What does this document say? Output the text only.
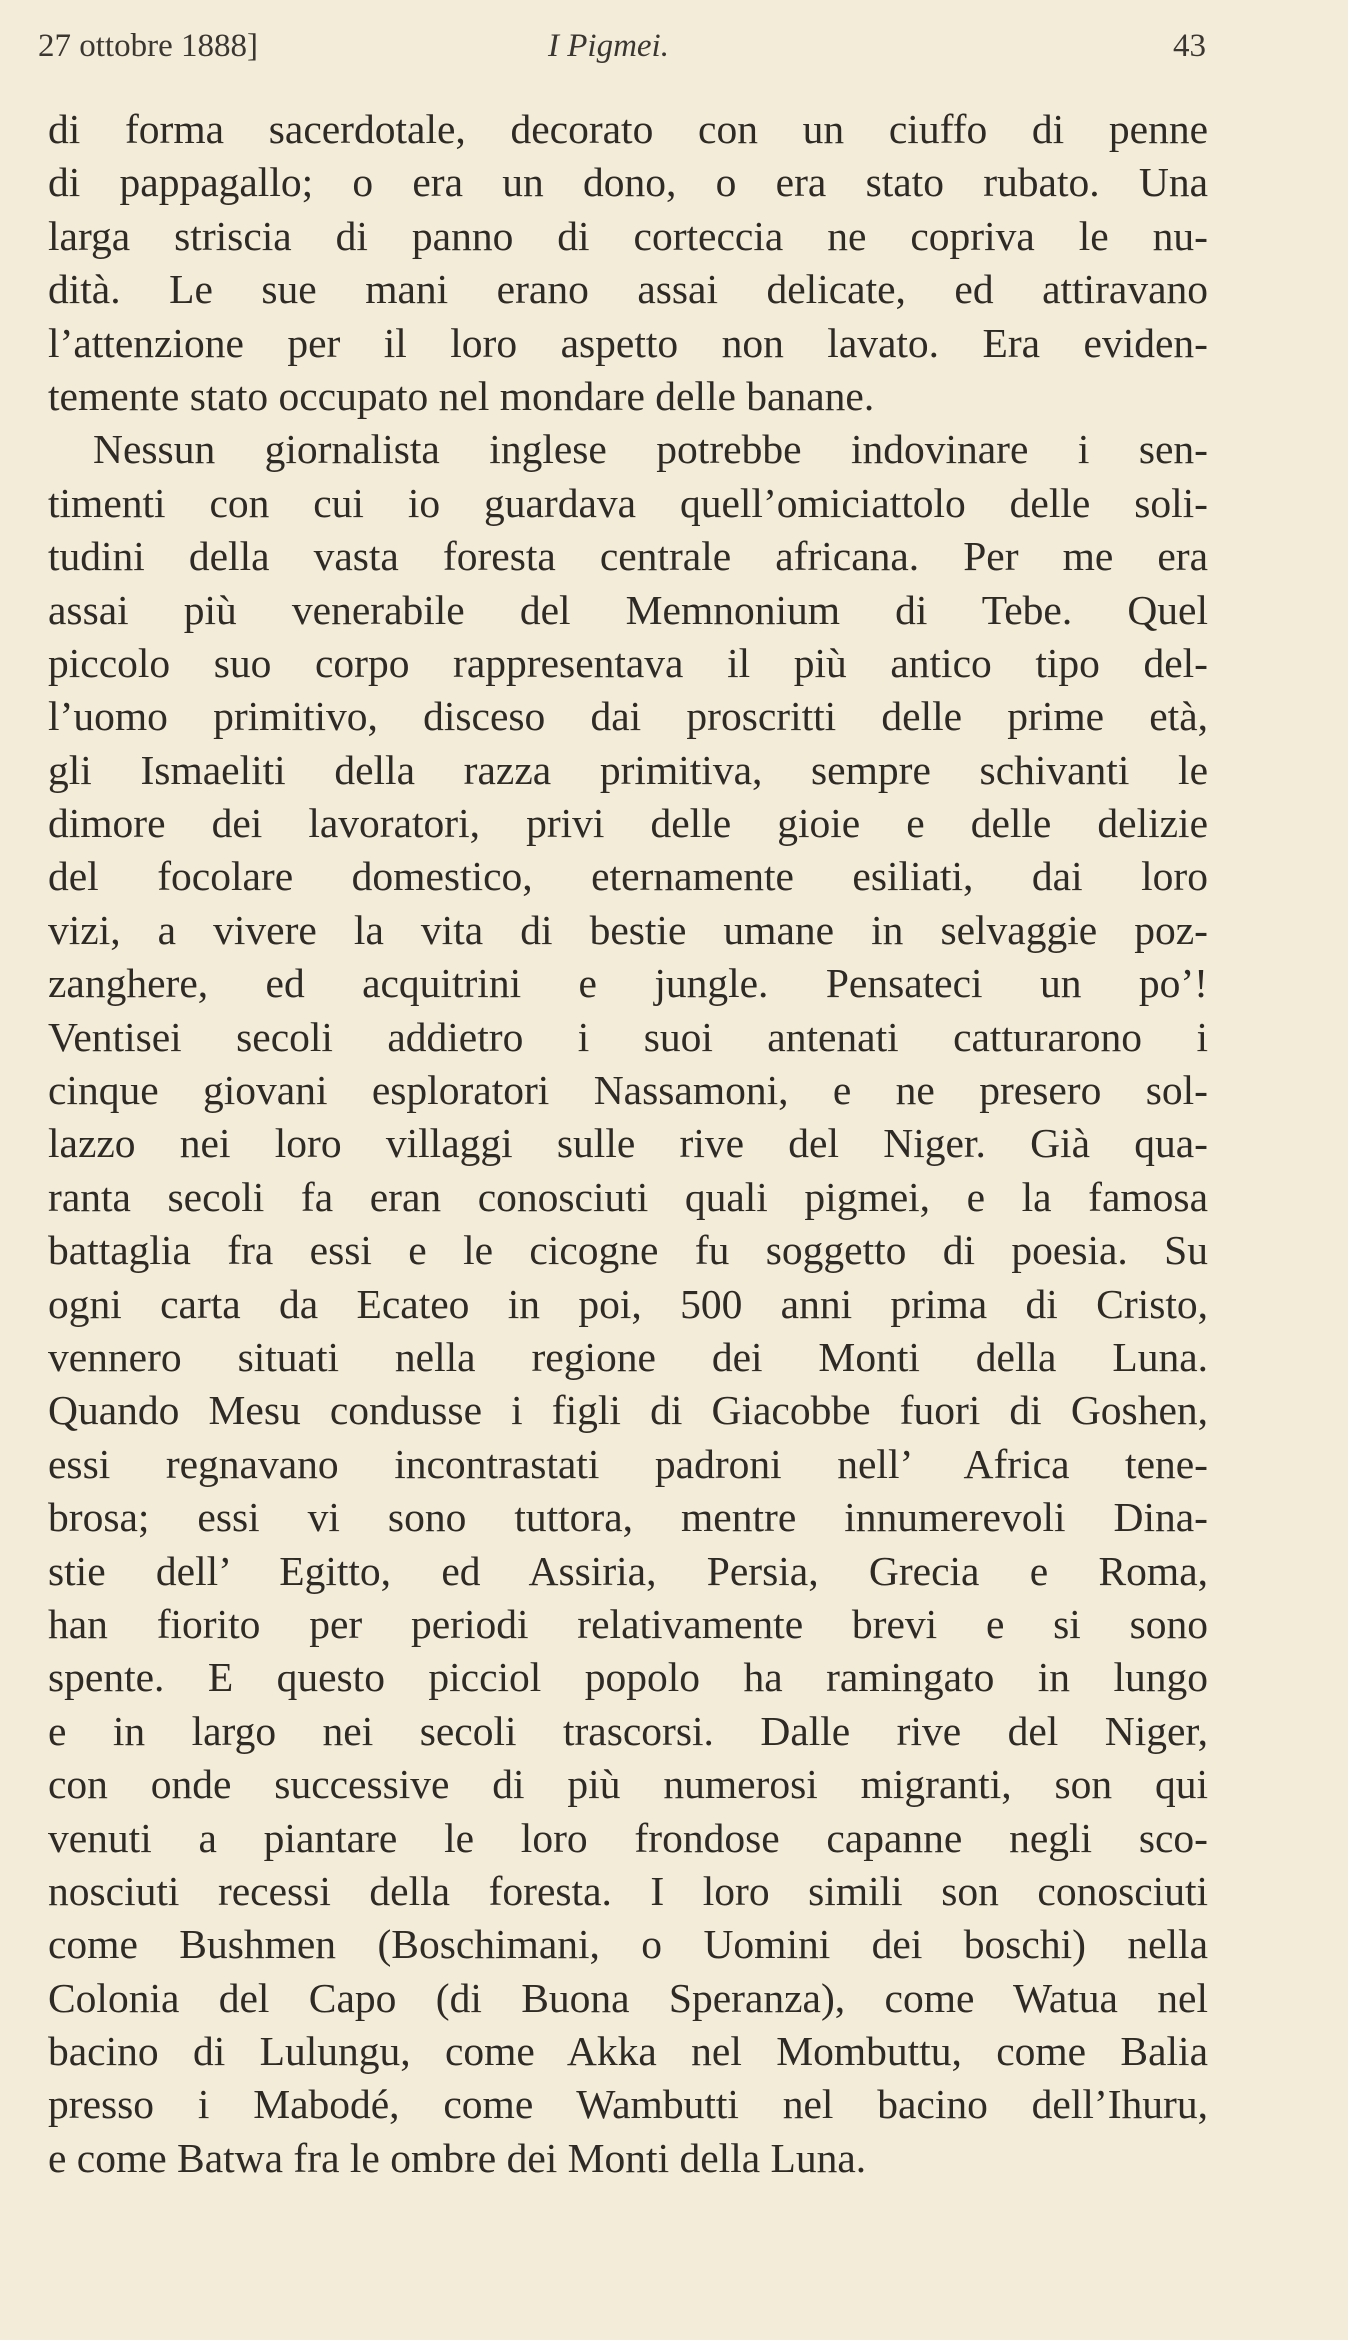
27 ottobre 1888]	I Pigmei.	43
di forma sacerdotale, decorato con un ciuffo di penne
di pappagallo; o era un dono, o era stato rubato. Una
larga striscia di panno di corteccia ne copriva le nu-
dità. Le sue mani erano assai delicate, ed attiravano
l’attenzione per il loro aspetto non lavato. Era eviden-
temente stato occupato nel mondare delle banane.
Nessun giornalista inglese potrebbe indovinare i sen-
timenti con cui io guardava quell’omiciattolo delle soli-
tudini della vasta foresta centrale africana. Per me era
assai più venerabile del Memnonium di Tebe. Quel
piccolo suo corpo rappresentava il più antico tipo del-
l’uomo primitivo, disceso dai proscritti delle prime età,
gli Ismaeliti della razza primitiva, sempre schivanti le
dimore dei lavoratori, privi delle gioie e delle delizie
del focolare domestico, eternamente esiliati, dai loro
vizi, a vivere la vita di bestie umane in selvaggie poz-
zanghere, ed acquitrini e jungle. Pensateci un po’!
Ventisei secoli addietro i suoi antenati catturarono i
cinque giovani esploratori Nassamoni, e ne presero sol-
lazzo nei loro villaggi sulle rive del Niger. Già qua-
ranta secoli fa eran conosciuti quali pigmei, e la famosa
battaglia fra essi e le cicogne fu soggetto di poesia. Su
ogni carta da Ecateo in poi, 500 anni prima di Cristo,
vennero situati nella regione dei Monti della Luna.
Quando Mesu condusse i figli di Giacobbe fuori di Goshen,
essi regnavano incontrastati padroni nell’ Africa tene-
brosa; essi vi sono tuttora, mentre innumerevoli Dina-
stie dell’ Egitto, ed Assiria, Persia, Grecia e Roma,
han fiorito per periodi relativamente brevi e si sono
spente. E questo picciol popolo ha ramingato in lungo
e in largo nei secoli trascorsi. Dalle rive del Niger,
con onde successive di più numerosi migranti, son qui
venuti a piantare le loro frondose capanne negli sco-
nosciuti recessi della foresta. I loro simili son conosciuti
come Bushmen (Boschimani, o Uomini dei boschi) nella
Colonia del Capo (di Buona Speranza), come Watua nel
bacino di Lulungu, come Akka nel Mombuttu, come Balia
presso i Mabodé, come Wambutti nel bacino dell’Ihuru,
e come Batwa fra le ombre dei Monti della Luna.
